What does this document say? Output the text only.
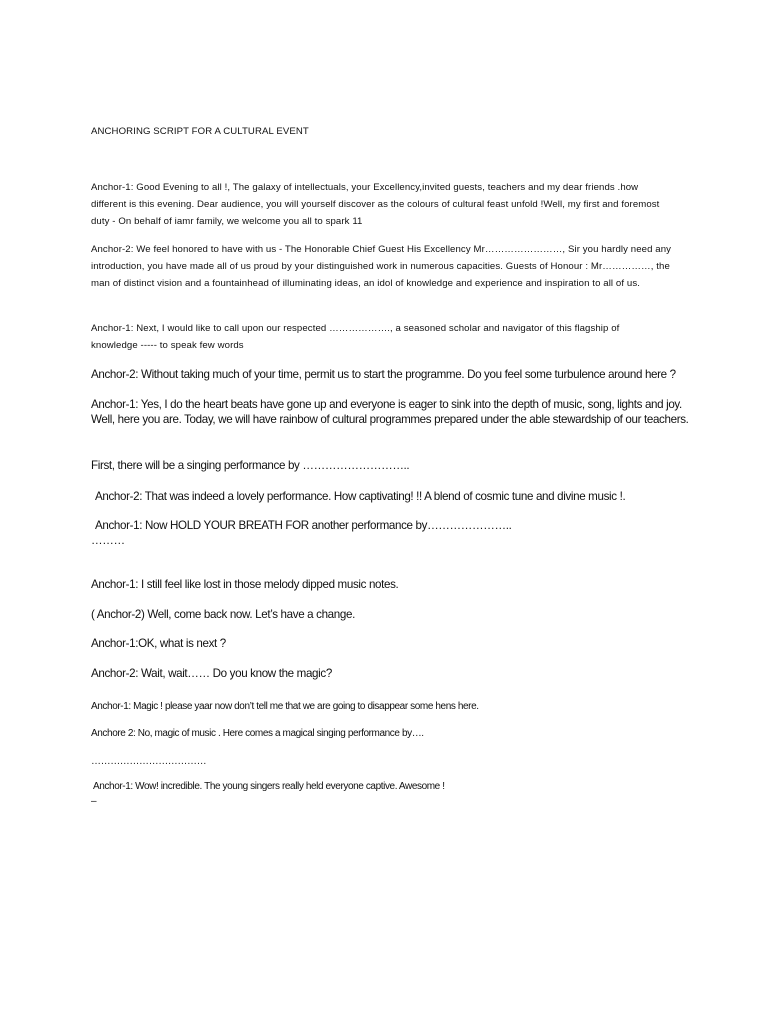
ANCHORING SCRIPT FOR A CULTURAL EVENT
Anchor-1: Good Evening to all !, The galaxy of intellectuals, your Excellency,invited guests, teachers and my dear friends .how different is this evening. Dear audience, you will yourself discover as the colours of cultural feast unfold !Well, my first and foremost duty - On behalf of iamr family, we welcome you all to spark 11
Anchor-2: We feel honored to have with us - The Honorable Chief Guest His Excellency Mr……………………, Sir you hardly need any introduction, you have made all of us proud by your distinguished work in numerous capacities. Guests of Honour : Mr……………, the man of distinct vision and a fountainhead of illuminating ideas, an idol of knowledge and experience and inspiration to all of us.
Anchor-1: Next, I would like to call upon our respected ………………., a seasoned scholar and navigator of this flagship of knowledge ----- to speak few words
Anchor-2: Without taking much of your time, permit us to start the programme. Do you feel some turbulence around here ?
Anchor-1: Yes, I do the heart beats have gone up and everyone is eager to sink into the depth of music, song, lights and joy. Well, here you are. Today, we will have rainbow of cultural programmes prepared under the able stewardship of our teachers.
First, there will be a singing performance by ………………………..
Anchor-2: That was indeed a lovely performance. How captivating! !! A blend of cosmic tune and divine music !.
Anchor-1: Now HOLD YOUR BREATH FOR another performance by…………………..
………
Anchor-1: I still feel like lost in those melody dipped music notes.
( Anchor-2) Well, come back now. Let’s have a change.
Anchor-1:OK, what is next ?
Anchor-2: Wait, wait…… Do you know the magic?
Anchor-1: Magic ! please yaar now don’t tell me that we are going to disappear some hens here.
Anchore 2: No, magic of music . Here comes a magical singing performance by….
………………………………
Anchor-1: Wow! incredible. The young singers really held everyone captive. Awesome !
–
